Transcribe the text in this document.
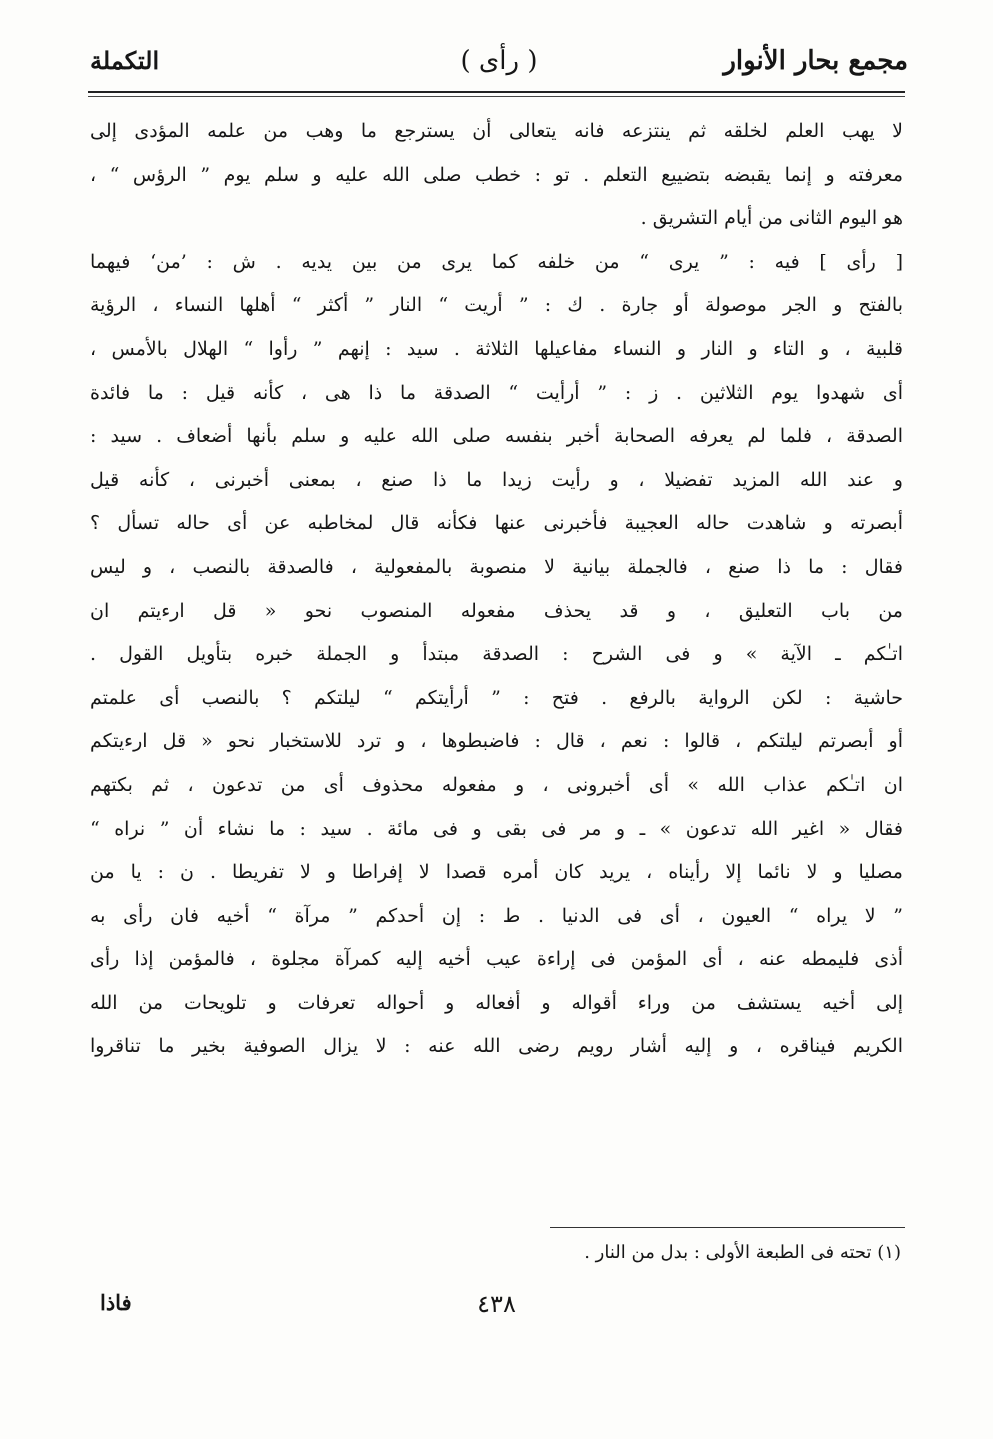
مجمع بحار الأنوار
( رأى )
التكملة
لا يهب العلم لخلقه ثم ينتزعه فانه يتعالى أن يسترجع ما وهب من علمه المؤدى إلى
معرفته و إنما يقبضه بتضييع التعلم . تو : خطب صلى الله عليه و سلم يوم ” الرؤس “ ،
هو اليوم الثانى من أيام التشريق .
[ رأى ] فيه : ” يرى “ من خلفه كما يرى من بين يديه . ش : ’من‘ فيهما
بالفتح و الجر موصولة أو جارة . ك : ” أريت “ النار ” أكثر “ أهلها النساء ، الرؤية
قلبية ، و التاء و النار و النساء مفاعيلها الثلاثة . سيد : إنهم ” رأوا “ الهلال بالأمس ،
أى شهدوا يوم الثلاثين . ز : ” أرأيت “ الصدقة ما ذا هى ، كأنه قيل : ما فائدة
الصدقة ، فلما لم يعرفه الصحابة أخبر بنفسه صلى الله عليه و سلم بأنها أضعاف . سيد :
و عند الله المزيد تفضيلا ، و رأيت زيدا ما ذا صنع ، بمعنى أخبرنى ، كأنه قيل
أبصرته و شاهدت حاله العجيبة فأخبرنى عنها فكأنه قال لمخاطبه عن أى حاله تسأل ؟
فقال : ما ذا صنع ، فالجملة بيانية لا منصوبة بالمفعولية ، فالصدقة بالنصب ، و ليس
من باب التعليق ، و قد يحذف مفعوله المنصوب نحو « قل ارءيتم ان
اتـٰكم ـ الآية » و فى الشرح : الصدقة مبتدأ و الجملة خبره بتأويل القول .
حاشية : لكن الرواية بالرفع . فتح : ” أرأيتكم “ ليلتكم ؟ بالنصب أى علمتم
أو أبصرتم ليلتكم ، قالوا : نعم ، قال : فاضبطوها ، و ترد للاستخبار نحو « قل ارءيتكم
ان اتـٰكم عذاب الله » أى أخبرونى ، و مفعوله محذوف أى من تدعون ، ثم بكتهم
فقال « اغير الله تدعون » ـ و مر فى بقى و فى مائة . سيد : ما نشاء أن ” نراه “
مصليا و لا نائما إلا رأيناه ، يريد كان أمره قصدا لا إفراطا و لا تفريطا . ن : يا من
” لا يراه “ العيون ، أى فى الدنيا . ط : إن أحدكم ” مرآة “ أخيه فان رأى به
أذى فليمطه عنه ، أى المؤمن فى إراءة عيب أخيه إليه كمرآة مجلوة ، فالمؤمن إذا رأى
إلى أخيه يستشف من وراء أقواله و أفعاله و أحواله تعرفات و تلويحات من الله
الكريم فيناقره ، و إليه أشار رويم رضى الله عنه : لا يزال الصوفية بخير ما تناقروا
(١) تحته فى الطبعة الأولى : بدل من النار .
٤٣٨
فاذا
